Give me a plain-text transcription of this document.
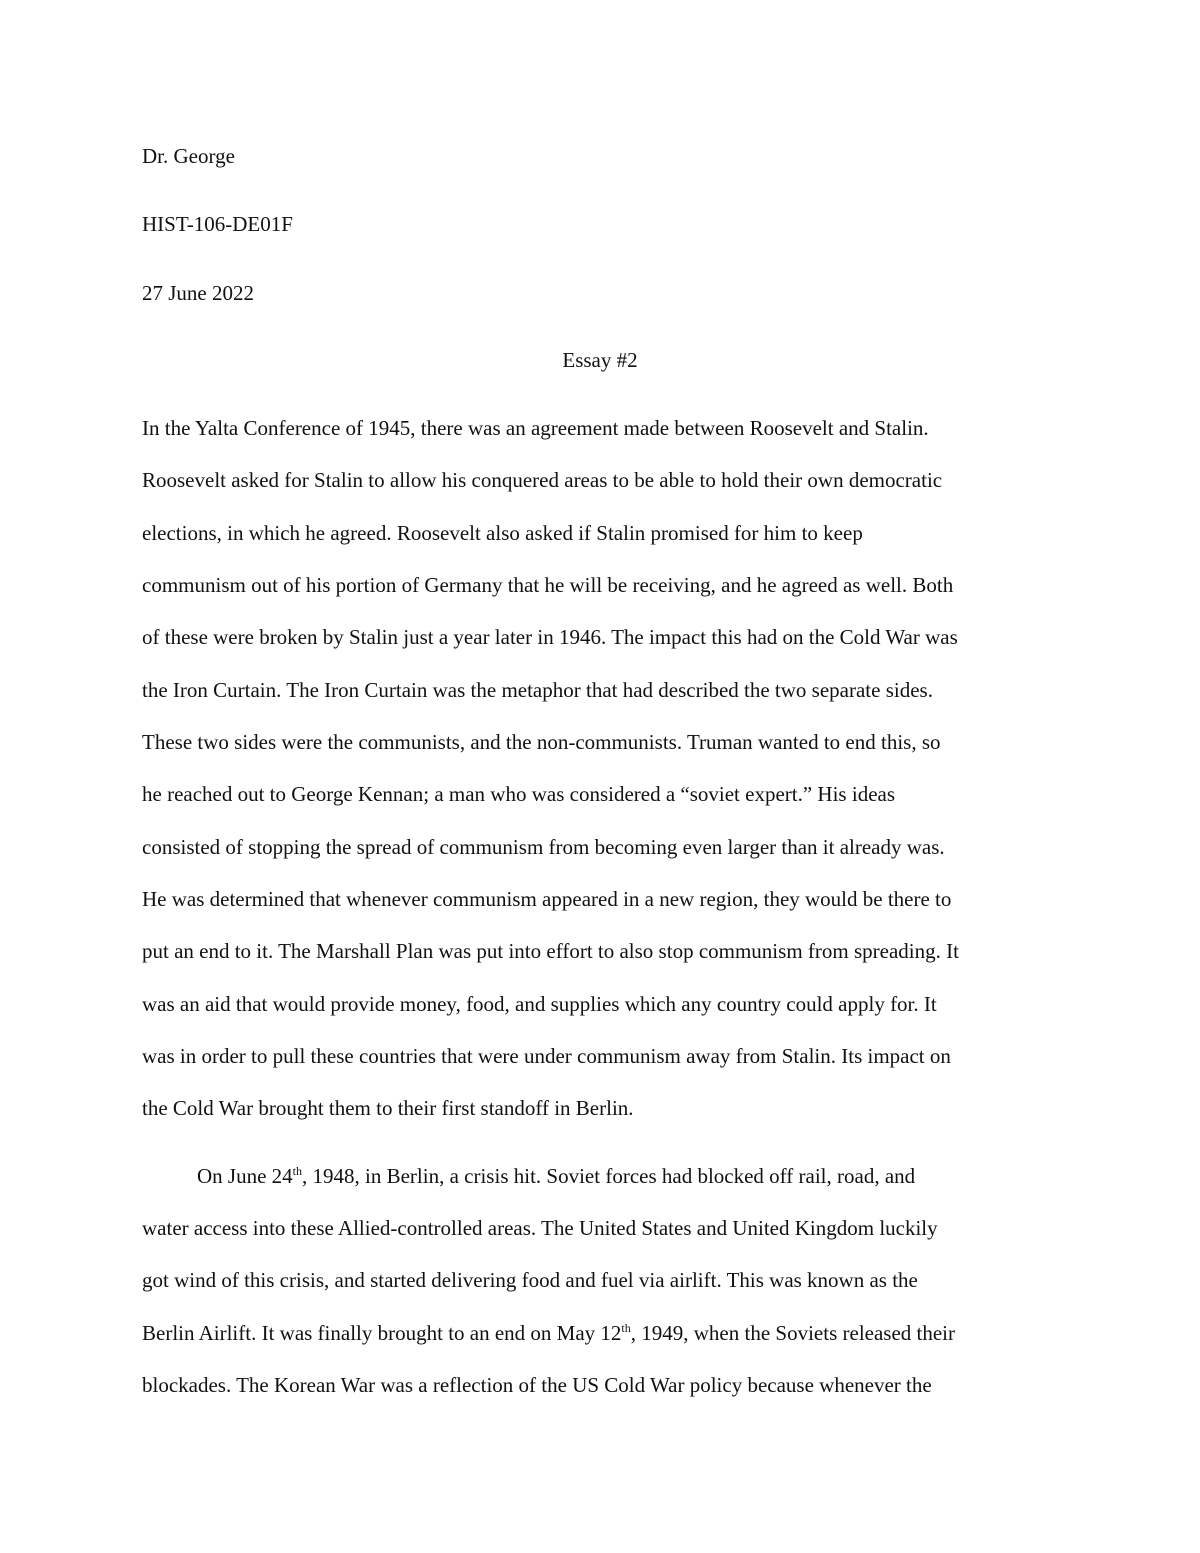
Dr. George
HIST-106-DE01F
27 June 2022
Essay #2
In the Yalta Conference of 1945, there was an agreement made between Roosevelt and Stalin.
Roosevelt asked for Stalin to allow his conquered areas to be able to hold their own democratic
elections, in which he agreed. Roosevelt also asked if Stalin promised for him to keep
communism out of his portion of Germany that he will be receiving, and he agreed as well. Both
of these were broken by Stalin just a year later in 1946. The impact this had on the Cold War was
the Iron Curtain. The Iron Curtain was the metaphor that had described the two separate sides.
These two sides were the communists, and the non-communists. Truman wanted to end this, so
he reached out to George Kennan; a man who was considered a “soviet expert.” His ideas
consisted of stopping the spread of communism from becoming even larger than it already was.
He was determined that whenever communism appeared in a new region, they would be there to
put an end to it. The Marshall Plan was put into effort to also stop communism from spreading. It
was an aid that would provide money, food, and supplies which any country could apply for. It
was in order to pull these countries that were under communism away from Stalin. Its impact on
the Cold War brought them to their first standoff in Berlin.
On June 24th, 1948, in Berlin, a crisis hit. Soviet forces had blocked off rail, road, and
water access into these Allied-controlled areas. The United States and United Kingdom luckily
got wind of this crisis, and started delivering food and fuel via airlift. This was known as the
Berlin Airlift. It was finally brought to an end on May 12th, 1949, when the Soviets released their
blockades. The Korean War was a reflection of the US Cold War policy because whenever the
